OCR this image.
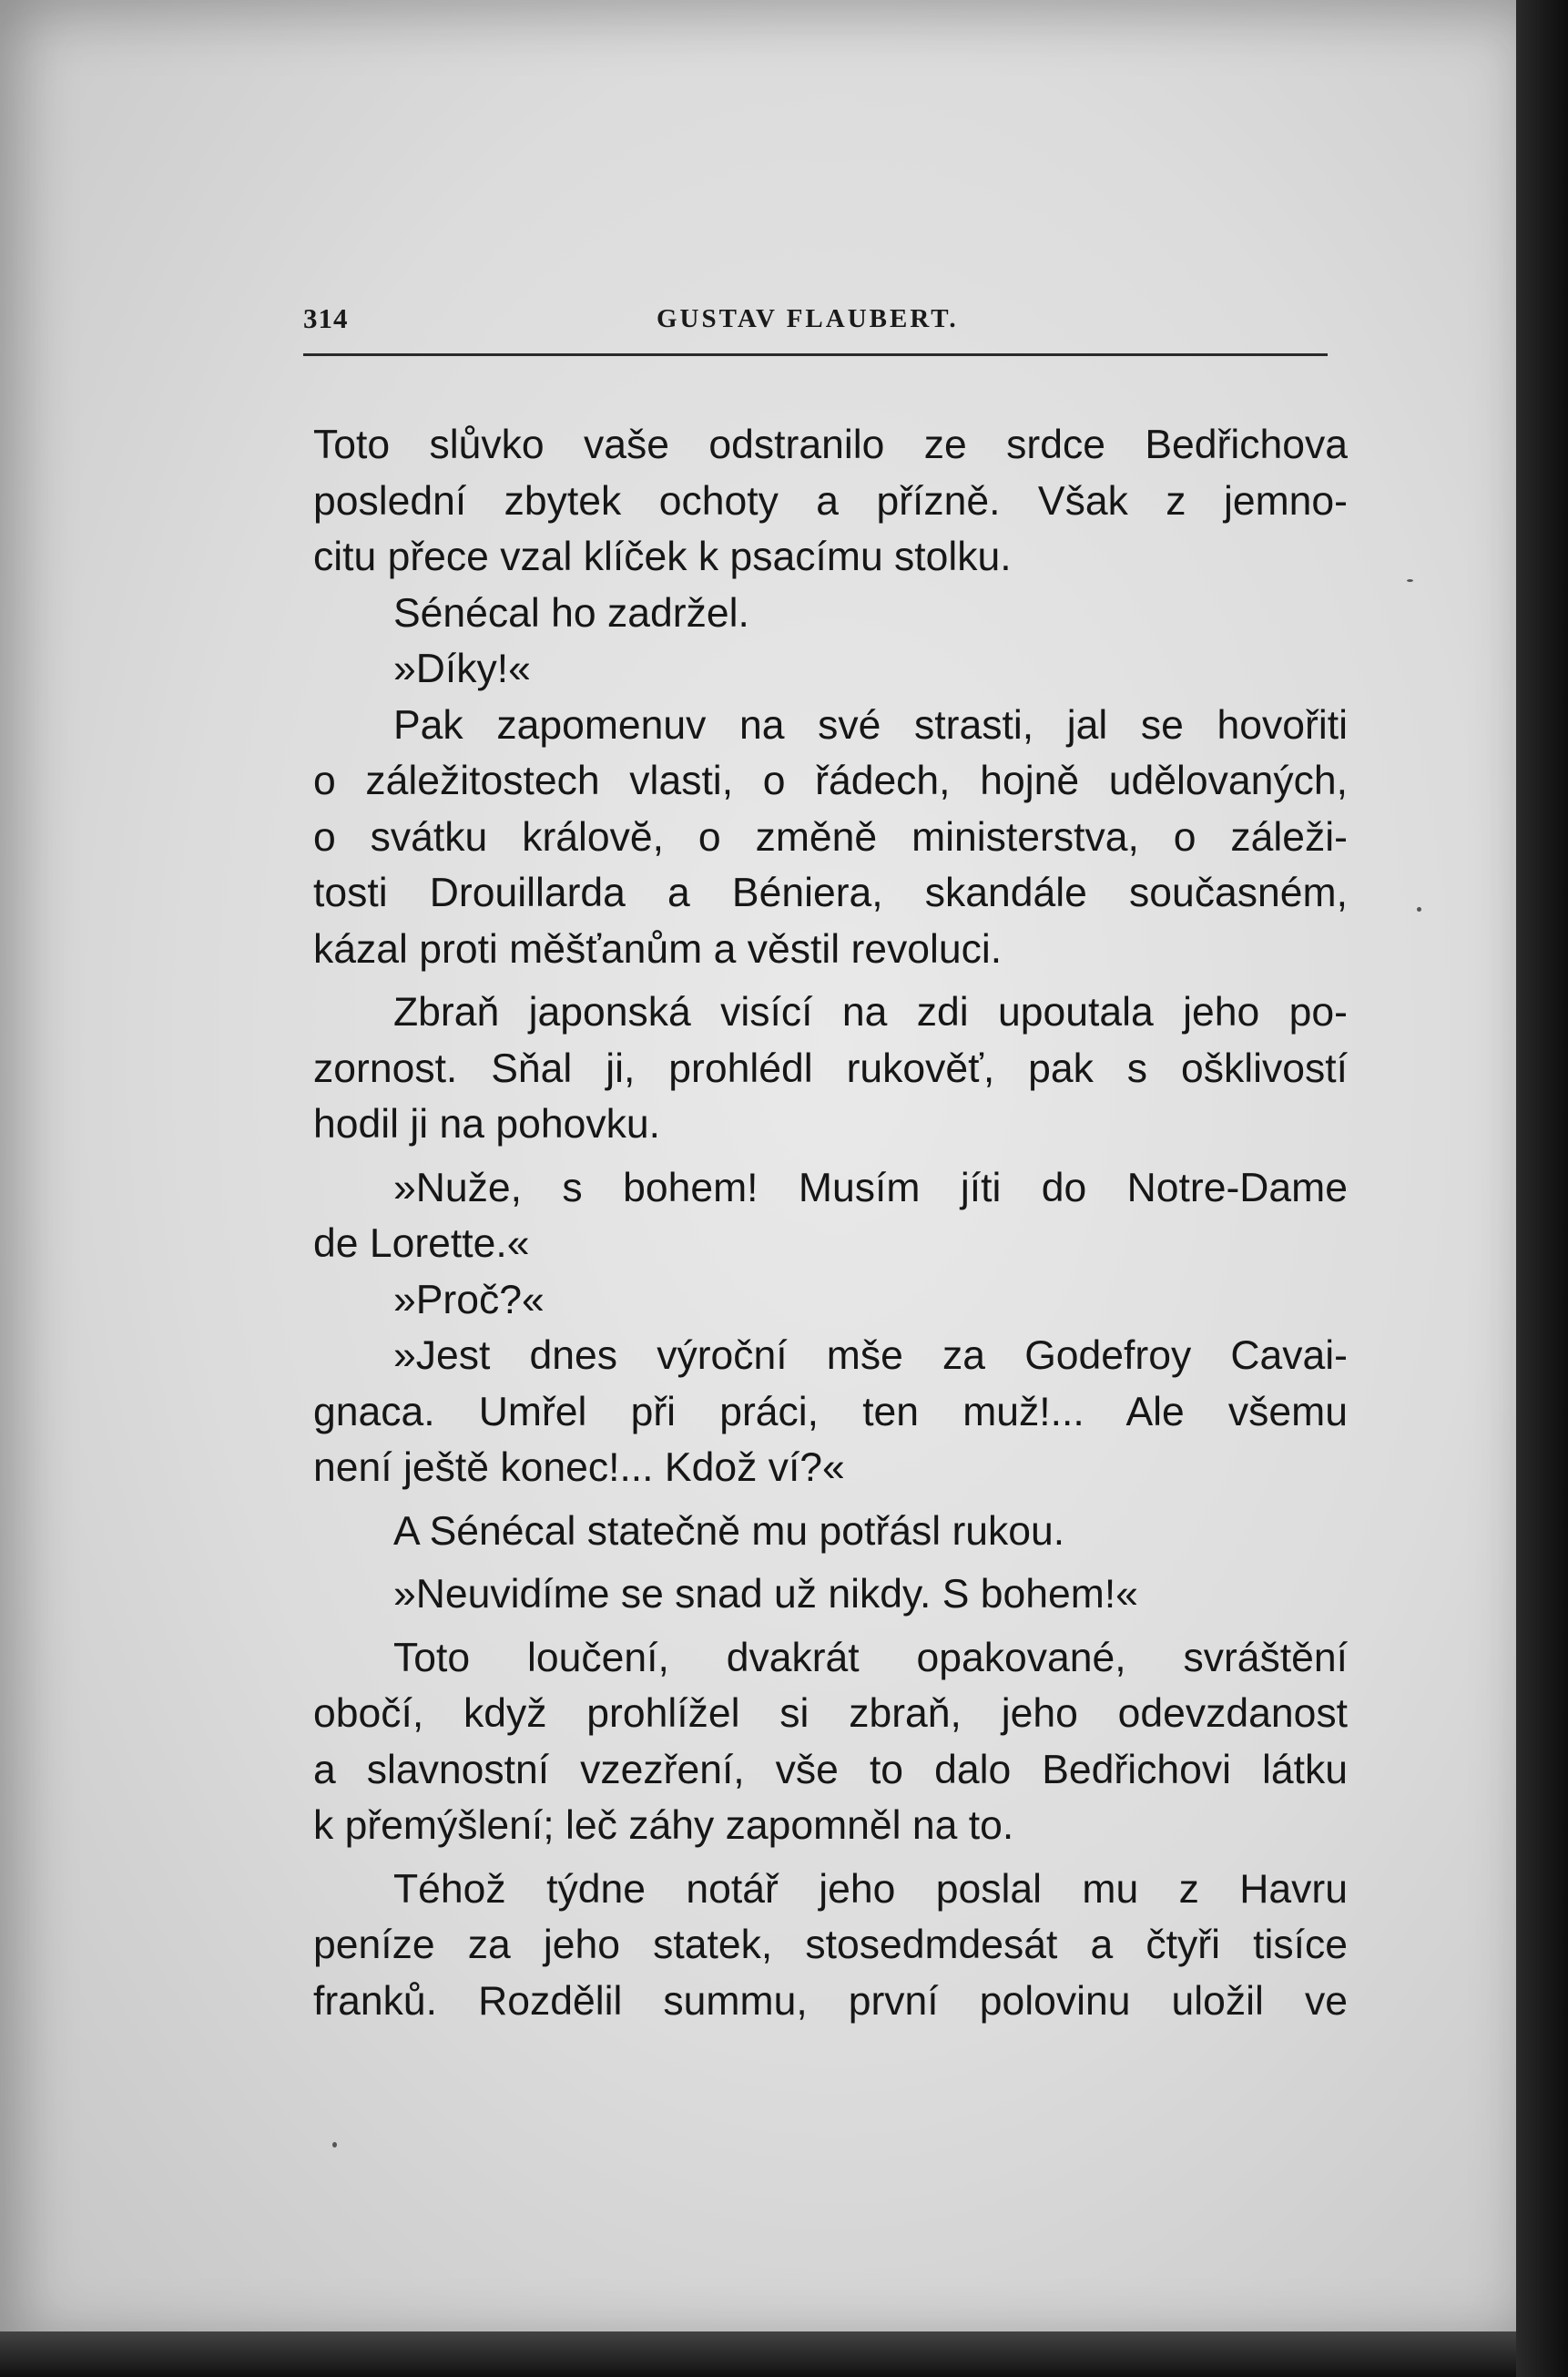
314	GUSTAV FLAUBERT.
Toto slůvko vaše odstranilo ze srdce Bedřichova
poslední zbytek ochoty a přízně. Však z jemno-
citu přece vzal klíček k psacímu stolku.
Sénécal ho zadržel.
»Díky!«
Pak zapomenuv na své strasti, jal se hovořiti
o záležitostech vlasti, o řádech, hojně udělovaných,
o svátku královĕ, o změně ministerstva, o záleži-
tosti Drouillarda a Béniera, skandále současném,
kázal proti měšťanům a věstil revoluci.
Zbraň japonská visící na zdi upoutala jeho po-
zornost. Sňal ji, prohlédl rukověť, pak s ošklivostí
hodil ji na pohovku.
»Nuže, s bohem! Musím jíti do Notre-Dame
de Lorette.«
»Proč?«
»Jest dnes výroční mše za Godefroy Cavai-
gnaca. Umřel při práci, ten muž!... Ale všemu
není ještě konec!... Kdož ví?«
A Sénécal statečně mu potřásl rukou.
»Neuvidíme se snad už nikdy. S bohem!«
Toto loučení, dvakrát opakované, svráštění
obočí, když prohlížel si zbraň, jeho odevzdanost
a slavnostní vzezření, vše to dalo Bedřichovi látku
k přemýšlení; leč záhy zapomněl na to.
Téhož týdne notář jeho poslal mu z Havru
peníze za jeho statek, stosedmdesát a čtyři tisíce
franků. Rozdělil summu, první polovinu uložil ve
